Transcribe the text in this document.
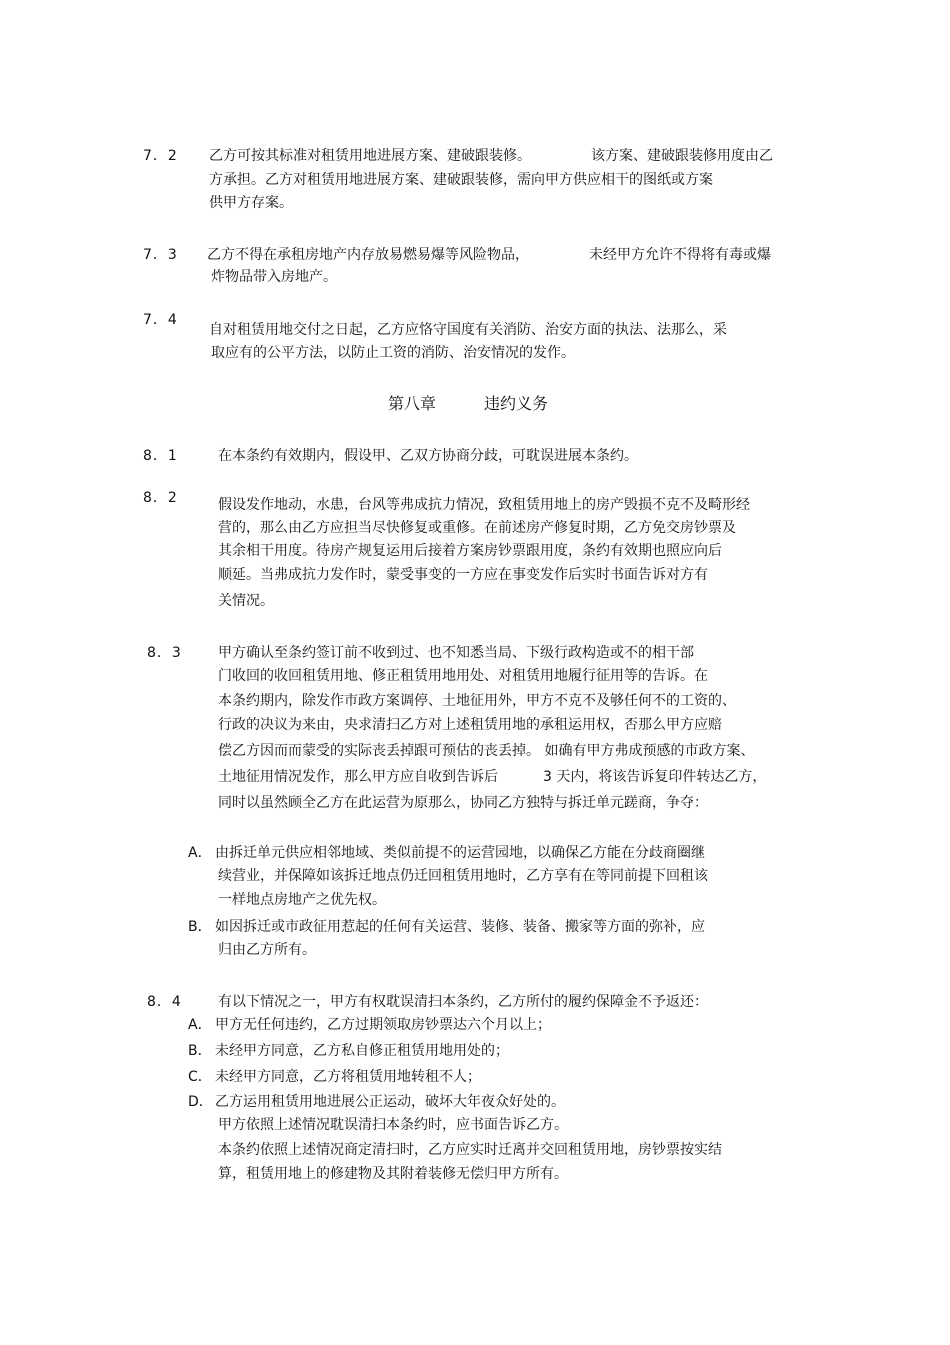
7．2 乙方可按其标准对租赁用地进展方案、建破跟装修。	该方案、建破跟装修用度由乙
方承担。乙方对租赁用地进展方案、建破跟装修，需向甲方供应相干的图纸或方案
供甲方存案。
7．3 乙方不得在承租房地产内存放易燃易爆等风险物品，	未经甲方允许不得将有毒或爆
炸物品带入房地产。
7．4
自对租赁用地交付之日起，乙方应恪守国度有关消防、治安方面的执法、法那么，采
取应有的公平方法，以防止工资的消防、治安情况的发作。
第八章	违约义务
8．1	在本条约有效期内，假设甲、乙双方协商分歧，可耽误进展本条约。
8．2	假设发作地动，水患，台风等弗成抗力情况，致租赁用地上的房产毁损不克不及畸形经
营的，那么由乙方应担当尽快修复或重修。在前述房产修复时期，乙方免交房钞票及
其余相干用度。待房产规复运用后接着方案房钞票跟用度，条约有效期也照应向后
顺延。当弗成抗力发作时，蒙受事变的一方应在事变发作后实时书面告诉对方有
关情况。
8．3	甲方确认至条约签订前不收到过、也不知悉当局、下级行政构造或不的相干部
门收回的收回租赁用地、修正租赁用地用处、对租赁用地履行征用等的告诉。在
本条约期内，除发作市政方案调停、土地征用外，甲方不克不及够任何不的工资的、
行政的决议为来由，央求清扫乙方对上述租赁用地的承租运用权，否那么甲方应赔
偿乙方因而而蒙受的实际丧丢掉跟可预估的丧丢掉。 如确有甲方弗成预感的市政方案、
土地征用情况发作，那么甲方应自收到告诉后	3 天内，将该告诉复印件转达乙方，
同时以虽然顾全乙方在此运营为原那么，协同乙方独特与拆迁单元蹉商，争夺：
A． 由拆迁单元供应相邻地域、类似前提不的运营园地，以确保乙方能在分歧商圈继
续营业，并保障如该拆迁地点仍迁回租赁用地时，乙方享有在等同前提下回租该
一样地点房地产之优先权。
B． 如因拆迁或市政征用惹起的任何有关运营、装修、装备、搬家等方面的弥补，应
归由乙方所有。
8．4	有以下情况之一，甲方有权耽误清扫本条约，乙方所付的履约保障金不予返还：
A． 甲方无任何违约，乙方过期领取房钞票达六个月以上；
B． 未经甲方同意，乙方私自修正租赁用地用处的；
C． 未经甲方同意，乙方将租赁用地转租不人；
D． 乙方运用租赁用地进展公正运动，破坏大年夜众好处的。
甲方依照上述情况耽误清扫本条约时，应书面告诉乙方。
本条约依照上述情况商定清扫时，乙方应实时迁离并交回租赁用地，房钞票按实结
算，租赁用地上的修建物及其附着装修无偿归甲方所有。
